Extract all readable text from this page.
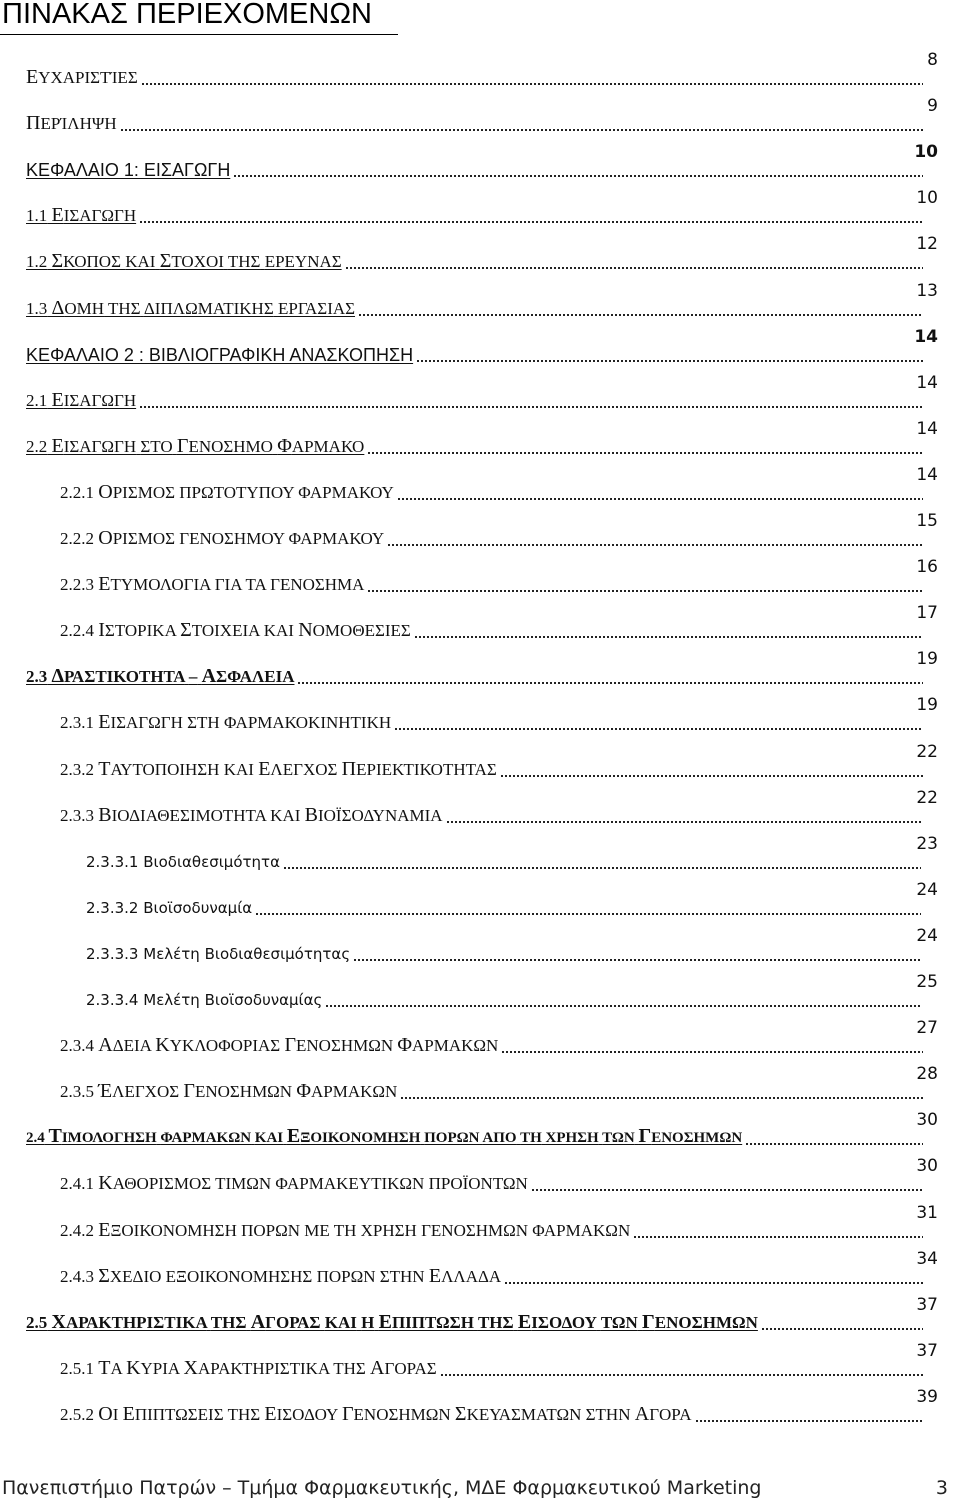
ΠΙΝΑΚΑΣ ΠΕΡΙΕΧΟΜΕΝΩΝ
ΕΥΧΑΡΙΣΤΊΕΣ
8
ΠΕΡΊΛΗΨΗ
9
ΚΕΦΑΛΑΙΟ 1: ΕΙΣΑΓΩΓΗ
10
1.1 ΕΙΣΑΓΩΓΗ
10
1.2 ΣΚΟΠΟΣ ΚΑΙ ΣΤΟΧΟΙ ΤΗΣ ΕΡΕΥΝΑΣ
12
1.3 ΔΟΜΗ ΤΗΣ ΔΙΠΛΩΜΑΤΙΚΗΣ ΕΡΓΑΣΙΑΣ
13
ΚΕΦΑΛΑΙΟ 2 : ΒΙΒΛΙΟΓΡΑΦΙΚΗ ΑΝΑΣΚΟΠΗΣΗ
14
2.1 ΕΙΣΑΓΩΓΗ
14
2.2 ΕΙΣΑΓΩΓΗ ΣΤΟ ΓΕΝΟΣΗΜΟ ΦΑΡΜΑΚΟ
14
2.2.1 ΟΡΙΣΜΟΣ ΠΡΩΤΟΤΥΠΟΥ ΦΑΡΜΑΚΟΥ
14
2.2.2 ΟΡΙΣΜΟΣ ΓΕΝΟΣΗΜΟΥ ΦΑΡΜΑΚΟΥ
15
2.2.3 ΕΤΥΜΟΛΟΓΙΑ ΓΙΑ ΤΑ ΓΕΝΟΣΗΜΑ
16
2.2.4 ΙΣΤΟΡΙΚΑ ΣΤΟΙΧΕΙΑ ΚΑΙ ΝΟΜΟΘΕΣΙΕΣ
17
2.3 ΔΡΑΣΤΙΚΟΤΗΤΑ – ΑΣΦΑΛΕΙΑ
19
2.3.1 ΕΙΣΑΓΩΓΗ ΣΤΗ ΦΑΡΜΑΚΟΚΙΝΗΤΙΚΗ
19
2.3.2 ΤΑΥΤΟΠΟΙΗΣΗ ΚΑΙ ΕΛΕΓΧΟΣ ΠΕΡΙΕΚΤΙΚΟΤΗΤΑΣ
22
2.3.3 ΒΙΟΔΙΑΘΕΣΙΜΟΤΗΤΑ ΚΑΙ ΒΙΟΪΣΟΔΥΝΑΜΙΑ
22
2.3.3.1 Βιοδιαθεσιμότητα
23
2.3.3.2 Βιοϊσοδυναμία
24
2.3.3.3 Μελέτη Βιοδιαθεσιμότητας
24
2.3.3.4 Μελέτη Βιοϊσοδυναμίας
25
2.3.4 ΑΔΕΙΑ ΚΥΚΛΟΦΟΡΙΑΣ ΓΕΝΟΣΗΜΩΝ ΦΑΡΜΑΚΩΝ
27
2.3.5 ΈΛΕΓΧΟΣ ΓΕΝΟΣΗΜΩΝ ΦΑΡΜΑΚΩΝ
28
2.4 ΤΙΜΟΛΟΓΗΣΗ ΦΑΡΜΑΚΩΝ ΚΑΙ ΕΞΟΙΚΟΝΟΜΗΣΗ ΠΟΡΩΝ ΑΠΟ ΤΗ ΧΡΗΣΗ ΤΩΝ ΓΕΝΟΣΗΜΩΝ
30
2.4.1 ΚΑΘΟΡΙΣΜΟΣ ΤΙΜΩΝ ΦΑΡΜΑΚΕΥΤΙΚΩΝ ΠΡΟΪΟΝΤΩΝ
30
2.4.2 ΕΞΟΙΚΟΝΟΜΗΣΗ ΠΟΡΩΝ ΜΕ ΤΗ ΧΡΗΣΗ ΓΕΝΟΣΗΜΩΝ ΦΑΡΜΑΚΩΝ
31
2.4.3 ΣΧΕΔΙΟ ΕΞΟΙΚΟΝΟΜΗΣΗΣ ΠΟΡΩΝ ΣΤΗΝ ΕΛΛΑΔΑ
34
2.5 ΧΑΡΑΚΤΗΡΙΣΤΙΚΑ ΤΗΣ ΑΓΟΡΑΣ ΚΑΙ Η ΕΠΙΠΤΩΣΗ ΤΗΣ ΕΙΣΟΔΟΥ ΤΩΝ ΓΕΝΟΣΗΜΩΝ
37
2.5.1 ΤΑ ΚΥΡΙΑ ΧΑΡΑΚΤΗΡΙΣΤΙΚΑ ΤΗΣ ΑΓΟΡΑΣ
37
2.5.2 ΟΙ ΕΠΙΠΤΩΣΕΙΣ ΤΗΣ ΕΙΣΟΔΟΥ ΓΕΝΟΣΗΜΩΝ ΣΚΕΥΑΣΜΑΤΩΝ ΣΤΗΝ ΑΓΟΡΑ
39
Πανεπιστήμιο Πατρών – Τμήμα Φαρμακευτικής, ΜΔΕ Φαρμακευτικού Marketing	3
